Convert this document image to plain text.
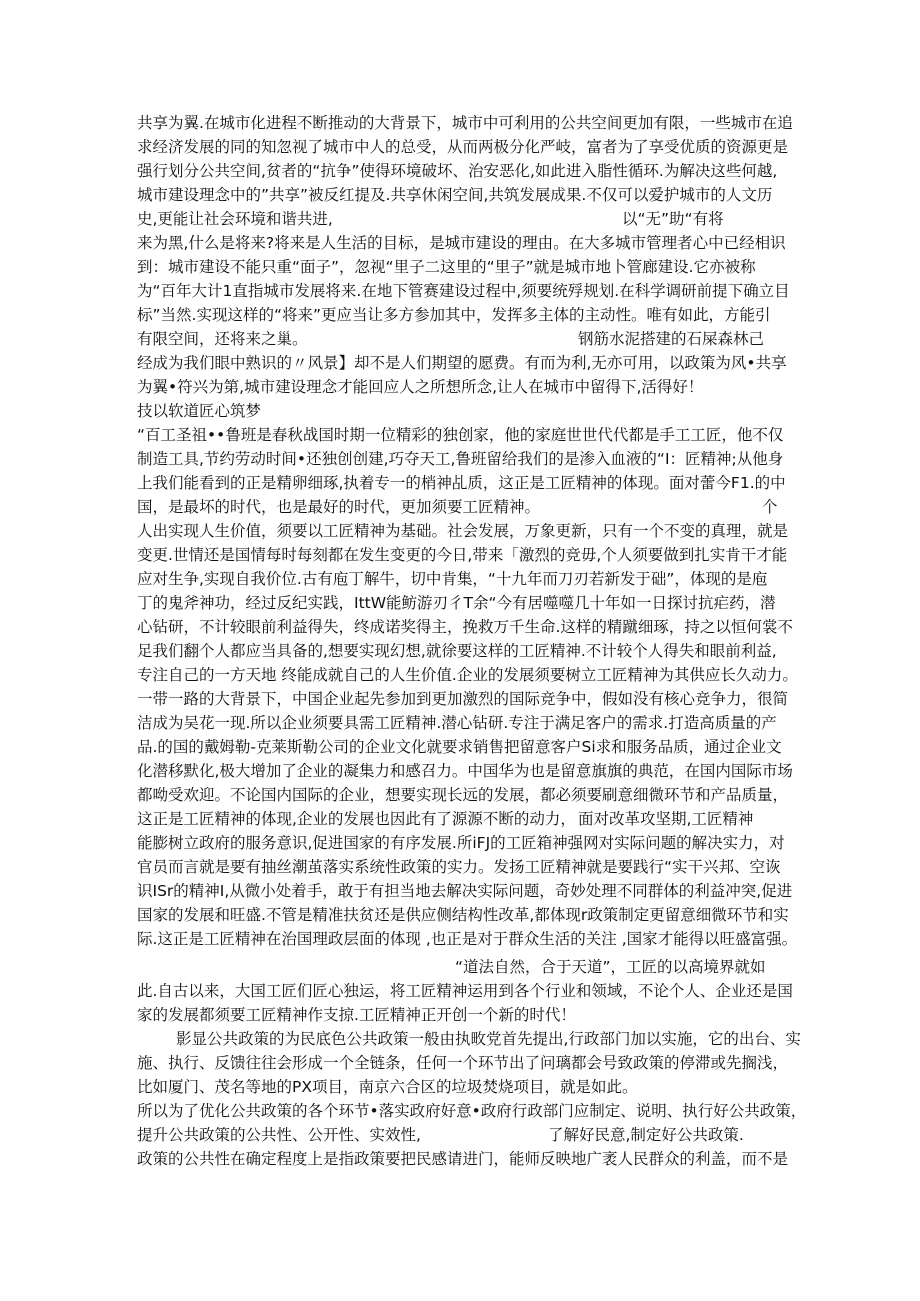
共享为翼.在城市化进程不断推动的大背景下，城市中可利用的公共空间更加有限，一些城市在追
求经济发展的同的知忽视了城市中人的总受，从而两极分化严岐，富者为了享受优质的资源更是
强行划分公共空间,贫者的“抗争”使得环境破坏、治安恶化,如此进入脂性循环.为解决这些何越,
城市建设理念中的”共享”被反红提及.共享休闲空间,共筑发展成果.不仅可以爱护城市的人文历
史,更能让社会环境和谐共进,	以“无”助“有将
来为黑,什么是将来?将来是人生活的目标，是城市建设的理由。在大多城市管理者心中已经相识
到：城市建设不能只重“面子”，忽视“里子二这里的“里子”就是城市地卜管廊建设.它亦被称
为“百年大计1直指城市发展将来.在地下管赛建设过程中,须要统殍规划.在科学调研前提下确立目
标”当然.实现这样的“将来”更应当让多方参加其中，发挥多主体的主动性。唯有如此，方能引
有限空间，还将来之巢。	钢筋水泥搭建的石屎森林己
经成为我们眼中熟识的〃风景】却不是人们期望的愿费。有而为利,无亦可用，以政策为风•共享
为翼•符兴为第,城市建设理念才能回应人之所想所念,让人在城市中留得下,活得好！
技以软道匠心筑梦
“百工圣祖••鲁班是春秋战国时期一位精彩的独创家，他的家庭世世代代都是手工工匠，他不仅
制造工具,节约劳动时间•还独创创建,巧夺天工,鲁班留给我们的是渗入血液的“I：匠精神;从他身
上我们能看到的正是精卵细琢,执着专一的梢神乩质，这正是工匠精神的体现。面对蕾今F1.的中
国，是最坏的时代，也是最好的时代，更加须要工匠精神。	个
人出实现人生价值，须要以工匠精神为基础。社会发展，万象更新，只有一个不变的真理，就是
变更.世情还是国情每时每刻都在发生变更的今日,带来「激烈的竞毋,个人须要做到扎实肯干才能
应对生争,实现自我价位.古有庖丁解牛，切中肯集，“十九年而刀刃若新发于础”，体现的是庖
丁的鬼斧神功，经过反纪实践，IttW能鲂游刃彳T余“今有居噬噬几十年如一日探讨抗疟药，潜
心钻研，不计较眼前利益得失，终成诺奖得主，挽救万千生命.这样的精蹴细琢，持之以恒何裳不
足我们翻个人都应当具备的,想要实现幻想,就徐要这样的工匠精神.不计较个人得失和眼前利益,
专注自己的一方天地 终能成就自己的人生价值.企业的发展须要树立工匠精神为其供应长久动力。
一带一路的大背景下，中国企业起先参加到更加激烈的国际竞争中，假如没有核心竞争力，很简
洁成为吴花一现.所以企业须要具需工匠精神.潜心钻研.专注于满足客户的需求.打造高质量的产
品.的国的戴姆勒-克莱斯勒公司的企业文化就要求销售把留意客户Si求和服务品质，通过企业文
化潜移默化,极大增加了企业的凝集力和感召力。中国华为也是留意旗旗的典范，在国内国际市场
都呦受欢迎。不论国内国际的企业，想要实现长远的发展，都必须要刷意细微环节和产品质量，
这正是工匠精神的体现,企业的发展也因此有了源源不断的动力， 面对改革攻坚期,工匠精神
能膨树立政府的服务意识,促进国家的有序发展.所iFJ的工匠箱神强网对实际问题的解决实力，对
官员而言就是要有抽丝潮茧落实系统性政策的实力。发扬工匠精神就是要践行“实干兴邦、空诙
识ISr的精神I,从微小处着手，敢于有担当地去解决实际问题，奇妙处理不同群体的利益冲突,促进
国家的发展和旺盛.不管是精准扶贫还是供应侧结构性改革,都体现r政策制定更留意细微环节和实
际.这正是工匠精神在治国理政层面的体现 ,也正是对于群众生活的关注 ,国家才能得以旺盛富强。
“道法自然，合于天道”，工匠的以高境界就如
此.自古以来，大国工匠们匠心独运，将工匠精神运用到各个行业和领域，不论个人、企业还是国
家的发展都须要工匠精神作支掠.工匠精神正开创一个新的时代！
影显公共政策的为民底色公共政策一般由执畋党首先提出,行政部门加以实施，它的出台、实
施、执行、反馈往往会形成一个全链条，任何一个环节出了问璃都会号致政策的停滞或先搁浅，
比如厦门、茂名等地的PX项目，南京六合区的垃圾焚烧项目，就是如此。
所以为了优化公共政策的各个环节•落实政府好意•政府行政部门应制定、说明、执行好公共政策，
提升公共政策的公共性、公开性、实效性,	了解好民意,制定好公共政策.
政策的公共性在确定程度上是指政策要把民感请进门，能师反映地广袤人民群众的利盖，而不是
